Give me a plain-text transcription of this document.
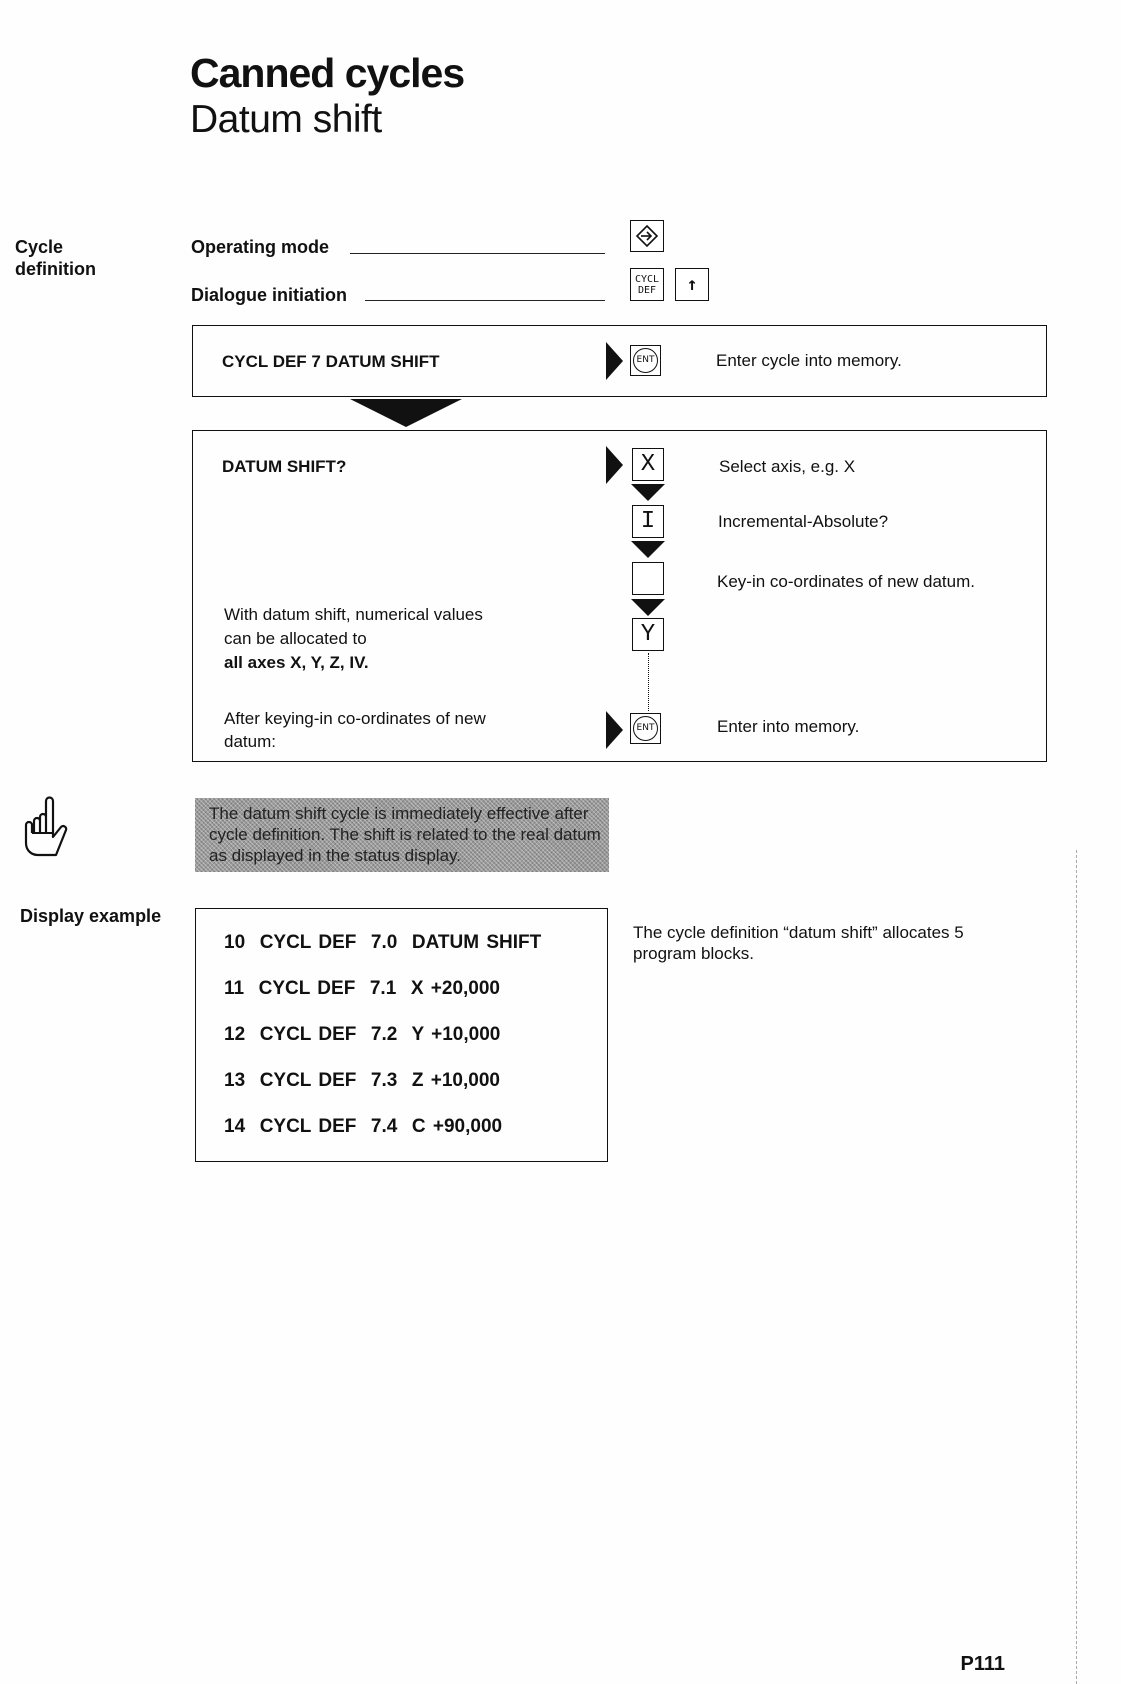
Canned cycles
Datum shift
Cycle
definition
Operating mode
Dialogue initiation
CYCL
DEF	↑
CYCL DEF 7 DATUM SHIFT	ENT	Enter cycle into memory.
DATUM SHIFT?	X	Select axis, e.g. X
I	Incremental-Absolute?
Key-in co-ordinates of new datum.
Y
With datum shift, numerical values can be allocated to
all axes X, Y, Z, IV.
After keying-in co-ordinates of new datum:
ENT	Enter into memory.
The datum shift cycle is immediately effective after cycle definition. The shift is related to the real datum as displayed in the status display.
Display example
10  CYCL DEF  7.0  DATUM SHIFT
11  CYCL DEF  7.1  X +20,000
12  CYCL DEF  7.2  Y +10,000
13  CYCL DEF  7.3  Z +10,000
14  CYCL DEF  7.4  C +90,000
The cycle definition “datum shift” allocates 5 program blocks.
P111
